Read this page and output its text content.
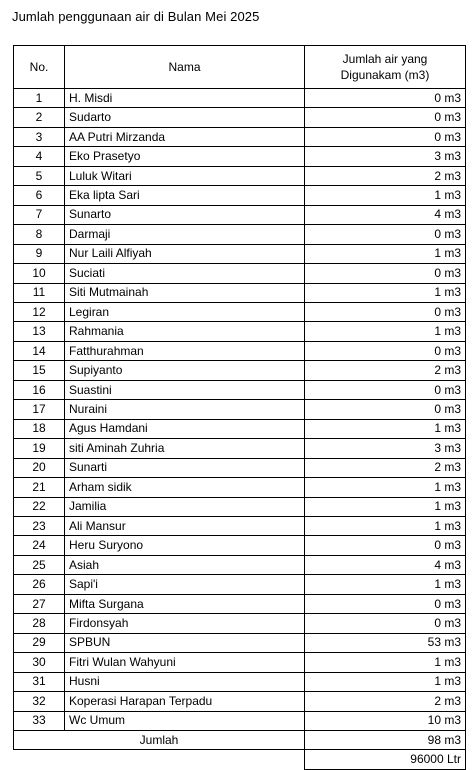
Jumlah penggunaan air di Bulan Mei 2025
No.	Nama	Jumlah air yang
Digunakam (m3)

1	H. Misdi	0 m3
2	Sudarto	0 m3
3	AA Putri Mirzanda	0 m3
4	Eko Prasetyo	3 m3
5	Luluk Witari	2 m3
6	Eka lipta Sari	1 m3
7	Sunarto	4 m3
8	Darmaji	0 m3
9	Nur Laili Alfiyah	1 m3
10	Suciati	0 m3
11	Siti Mutmainah	1 m3
12	Legiran	0 m3
13	Rahmania	1 m3
14	Fatthurahman	0 m3
15	Supiyanto	2 m3
16	Suastini	0 m3
17	Nuraini	0 m3
18	Agus Hamdani	1 m3
19	siti Aminah Zuhria	3 m3
20	Sunarti	2 m3
21	Arham sidik	1 m3
22	Jamilia	1 m3
23	Ali Mansur	1 m3
24	Heru Suryono	0 m3
25	Asiah	4 m3
26	Sapi'i	1 m3
27	Mifta Surgana	0 m3
28	Firdonsyah	0 m3
29	SPBUN	53 m3
30	Fitri Wulan Wahyuni	1 m3
31	Husni	1 m3
32	Koperasi Harapan Terpadu	2 m3
33	Wc Umum	10 m3
Jumlah		98 m3
		96000 Ltr
